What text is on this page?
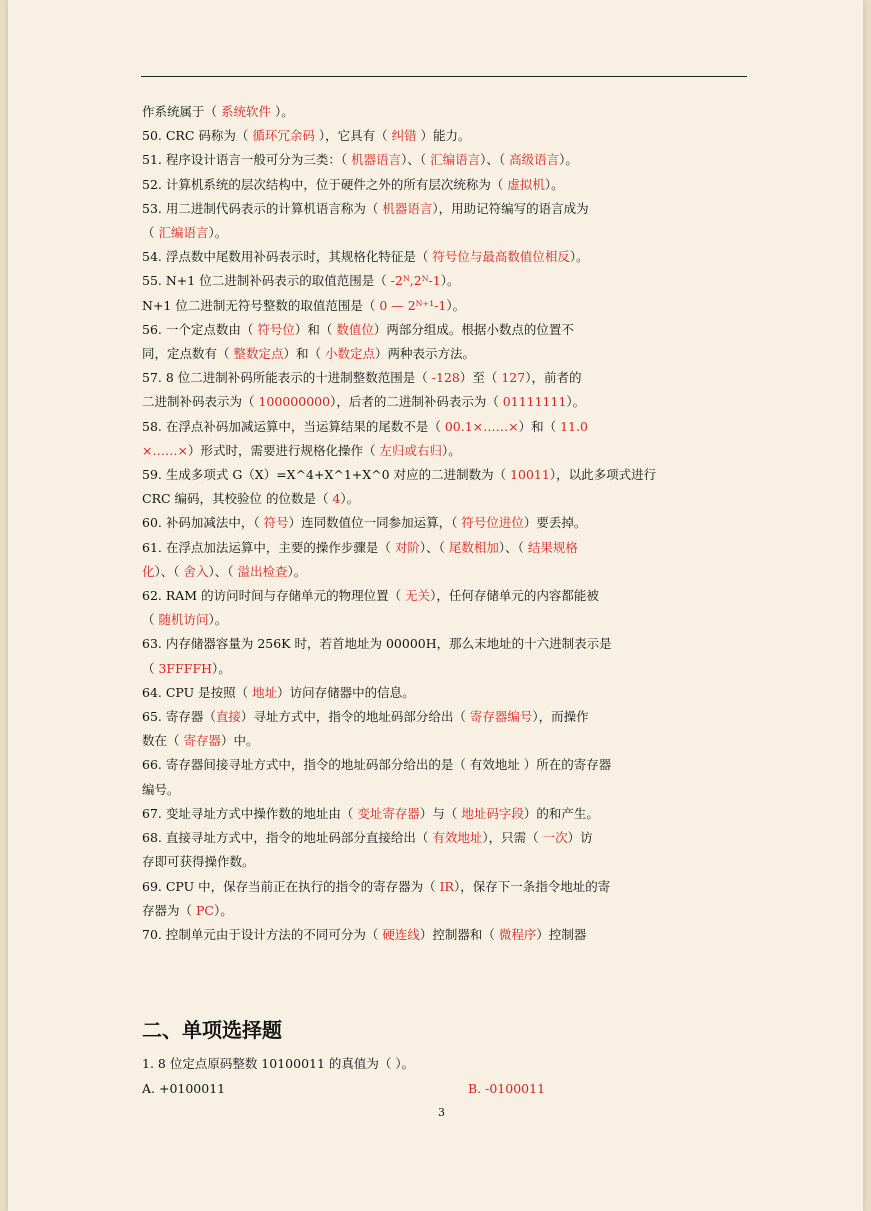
作系统属于（ 系统软件 ）。
50. CRC 码称为（ 循环冗余码 ），它具有（ 纠错 ）能力。
51. 程序设计语言一般可分为三类：（ 机器语言）、（ 汇编语言）、（ 高级语言）。
52. 计算机系统的层次结构中，位于硬件之外的所有层次统称为（ 虚拟机）。
53. 用二进制代码表示的计算机语言称为（ 机器语言），用助记符编写的语言成为
（ 汇编语言）。
54. 浮点数中尾数用补码表示时，其规格化特征是（ 符号位与最高数值位相反）。
55. N+1 位二进制补码表示的取值范围是（ -2ᴺ,2ᴺ-1）。
N+1 位二进制无符号整数的取值范围是（ 0 — 2ᴺ⁺¹-1）。
56. 一个定点数由（ 符号位）和（ 数值位）两部分组成。根据小数点的位置不
同，定点数有（ 整数定点）和（ 小数定点）两种表示方法。
57. 8 位二进制补码所能表示的十进制整数范围是（ -128）至（ 127），前者的
二进制补码表示为（ 100000000），后者的二进制补码表示为（ 01111111）。
58. 在浮点补码加减运算中，当运算结果的尾数不是（ 00.1×……×）和（ 11.0
×……×）形式时，需要进行规格化操作（ 左归或右归）。
59. 生成多项式 G（X）=X^4+X^1+X^0 对应的二进制数为（ 10011），以此多项式进行
CRC 编码，其校验位 的位数是（ 4）。
60. 补码加减法中，（ 符号）连同数值位一同参加运算，（ 符号位进位）要丢掉。
61. 在浮点加法运算中，主要的操作步骤是（ 对阶）、（ 尾数相加）、（ 结果规格
化）、（ 舍入）、（ 溢出检查）。
62. RAM 的访问时间与存储单元的物理位置（ 无关），任何存储单元的内容都能被
（ 随机访问）。
63. 内存储器容量为 256K 时，若首地址为 00000H，那么末地址的十六进制表示是
（ 3FFFFH）。
64. CPU 是按照（ 地址）访问存储器中的信息。
65. 寄存器（直接）寻址方式中，指令的地址码部分给出（ 寄存器编号），而操作
数在（ 寄存器）中。
66. 寄存器间接寻址方式中，指令的地址码部分给出的是（ 有效地址 ）所在的寄存器
编号。
67. 变址寻址方式中操作数的地址由（ 变址寄存器）与（ 地址码字段）的和产生。
68. 直接寻址方式中，指令的地址码部分直接给出（ 有效地址），只需（ 一次）访
存即可获得操作数。
69. CPU 中，保存当前正在执行的指令的寄存器为（ IR），保存下一条指令地址的寄
存器为（ PC）。
70. 控制单元由于设计方法的不同可分为（ 硬连线）控制器和（ 微程序）控制器
二、单项选择题
1. 8 位定点原码整数 10100011 的真值为（ ）。
A. +0100011	B. -0100011
3
